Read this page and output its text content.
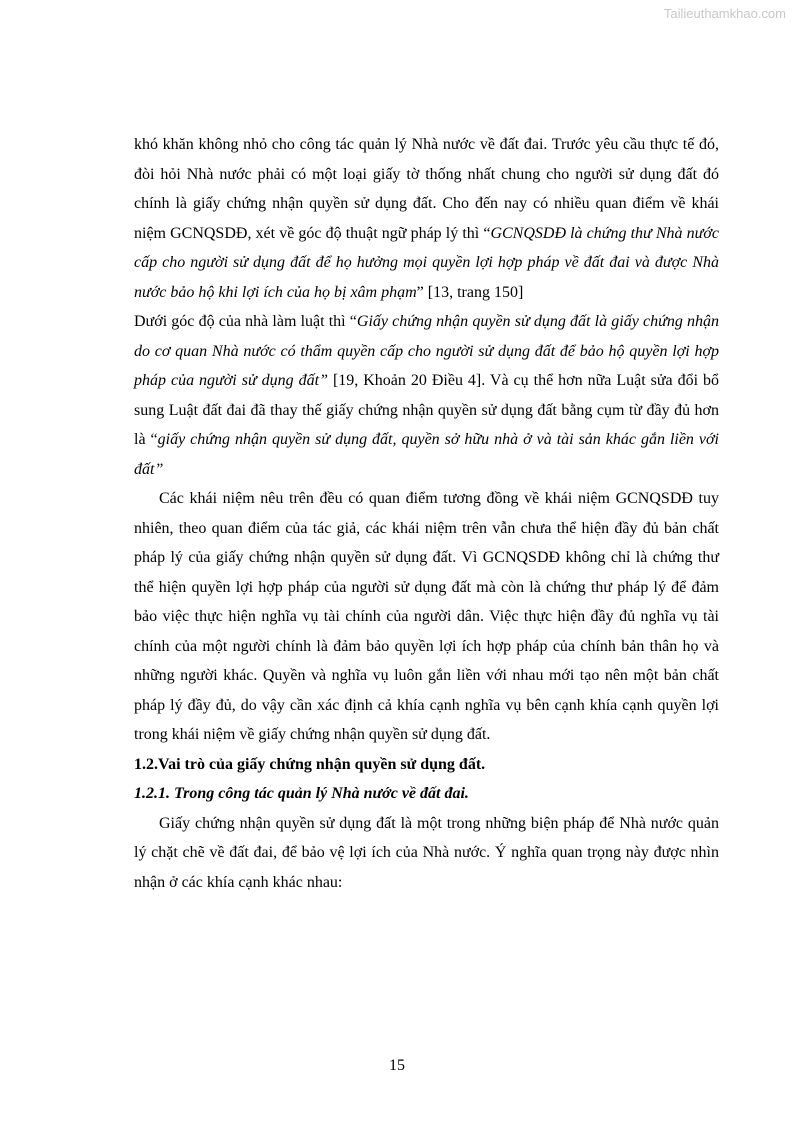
Tailieuthamkhao.com

khó khăn không nhỏ cho công tác quản lý Nhà nước về đất đai. Trước yêu cầu thực tế đó, đòi hỏi Nhà nước phải có một loại giấy tờ thống nhất chung cho người sử dụng đất đó chính là giấy chứng nhận quyền sử dụng đất. Cho đến nay có nhiều quan điểm về khái niệm GCNQSDĐ, xét về góc độ thuật ngữ pháp lý thì “GCNQSDĐ là chứng thư Nhà nước cấp cho người sử dụng đất để họ hưởng mọi quyền lợi hợp pháp về đất đai và được Nhà nước bảo hộ khi lợi ích của họ bị xâm phạm” [13, trang 150]

Dưới góc độ của nhà làm luật thì “Giấy chứng nhận quyền sử dụng đất là giấy chứng nhận do cơ quan Nhà nước có thẩm quyền cấp cho người sử dụng đất để bảo hộ quyền lợi hợp pháp của người sử dụng đất” [19, Khoản 20 Điều 4]. Và cụ thể hơn nữa Luật sửa đổi bổ sung Luật đất đai đã thay thế giấy chứng nhận quyền sử dụng đất bằng cụm từ đầy đủ hơn là “giấy chứng nhận quyền sử dụng đất, quyền sở hữu nhà ở và tài sản khác gắn liền với đất”

Các khái niệm nêu trên đều có quan điểm tương đồng về khái niệm GCNQSDĐ tuy nhiên, theo quan điểm của tác giả, các khái niệm trên vẫn chưa thể hiện đầy đủ bản chất pháp lý của giấy chứng nhận quyền sử dụng đất. Vì GCNQSDĐ không chỉ là chứng thư thể hiện quyền lợi hợp pháp của người sử dụng đất mà còn là chứng thư pháp lý để đảm bảo việc thực hiện nghĩa vụ tài chính của người dân. Việc thực hiện đầy đủ nghĩa vụ tài chính của một người chính là đảm bảo quyền lợi ích hợp pháp của chính bản thân họ và những người khác. Quyền và nghĩa vụ luôn gắn liền với nhau mới tạo nên một bản chất pháp lý đầy đủ, do vậy cần xác định cả khía cạnh nghĩa vụ bên cạnh khía cạnh quyền lợi trong khái niệm về giấy chứng nhận quyền sử dụng đất.

1.2.Vai trò của giấy chứng nhận quyền sử dụng đất.

1.2.1. Trong công tác quản lý Nhà nước về đất đai.

Giấy chứng nhận quyền sử dụng đất là một trong những biện pháp để Nhà nước quản lý chặt chẽ về đất đai, để bảo vệ lợi ích của Nhà nước. Ý nghĩa quan trọng này được nhìn nhận ở các khía cạnh khác nhau:

15
